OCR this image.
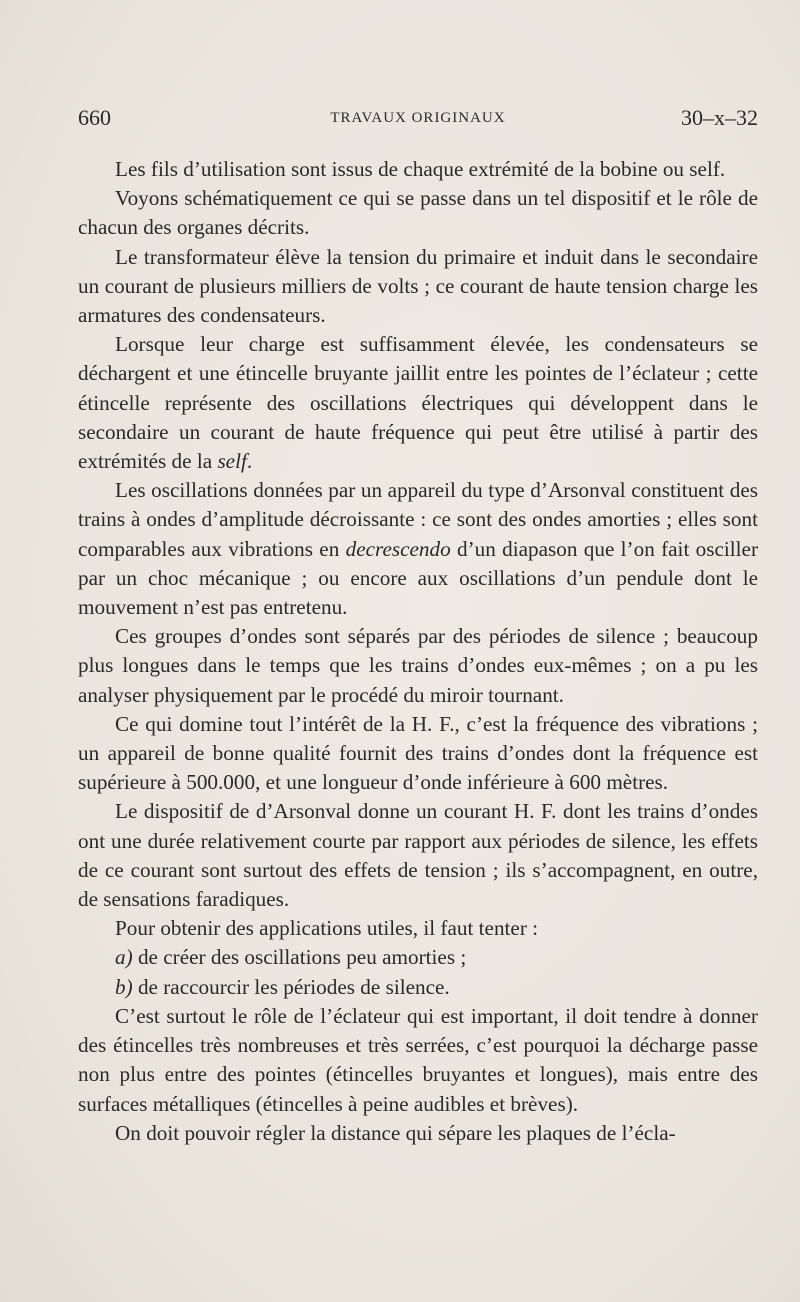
660	TRAVAUX ORIGINAUX	30–x–32

Les fils d’utilisation sont issus de chaque extrémité de la bobine ou self.

Voyons schématiquement ce qui se passe dans un tel dispositif et le rôle de chacun des organes décrits.

Le transformateur élève la tension du primaire et induit dans le secondaire un courant de plusieurs milliers de volts ; ce courant de haute tension charge les armatures des condensateurs.

Lorsque leur charge est suffisamment élevée, les condensateurs se déchargent et une étincelle bruyante jaillit entre les pointes de l’éclateur ; cette étincelle représente des oscillations électriques qui développent dans le secondaire un courant de haute fréquence qui peut être utilisé à partir des extrémités de la self.

Les oscillations données par un appareil du type d’Arsonval constituent des trains à ondes d’amplitude décroissante : ce sont des ondes amorties ; elles sont comparables aux vibrations en decrescendo d’un diapason que l’on fait osciller par un choc mécanique ; ou encore aux oscillations d’un pendule dont le mouvement n’est pas entretenu.

Ces groupes d’ondes sont séparés par des périodes de silence ; beaucoup plus longues dans le temps que les trains d’ondes eux-mêmes ; on a pu les analyser physiquement par le procédé du miroir tournant.

Ce qui domine tout l’intérêt de la H. F., c’est la fréquence des vibrations ; un appareil de bonne qualité fournit des trains d’ondes dont la fréquence est supérieure à 500.000, et une longueur d’onde inférieure à 600 mètres.

Le dispositif de d’Arsonval donne un courant H. F. dont les trains d’ondes ont une durée relativement courte par rapport aux périodes de silence, les effets de ce courant sont surtout des effets de tension ; ils s’accompagnent, en outre, de sensations faradiques.

Pour obtenir des applications utiles, il faut tenter :

a) de créer des oscillations peu amorties ;

b) de raccourcir les périodes de silence.

C’est surtout le rôle de l’éclateur qui est important, il doit tendre à donner des étincelles très nombreuses et très serrées, c’est pourquoi la décharge passe non plus entre des pointes (étincelles bruyantes et longues), mais entre des surfaces métalliques (étincelles à peine audibles et brèves).

On doit pouvoir régler la distance qui sépare les plaques de l’écla-
